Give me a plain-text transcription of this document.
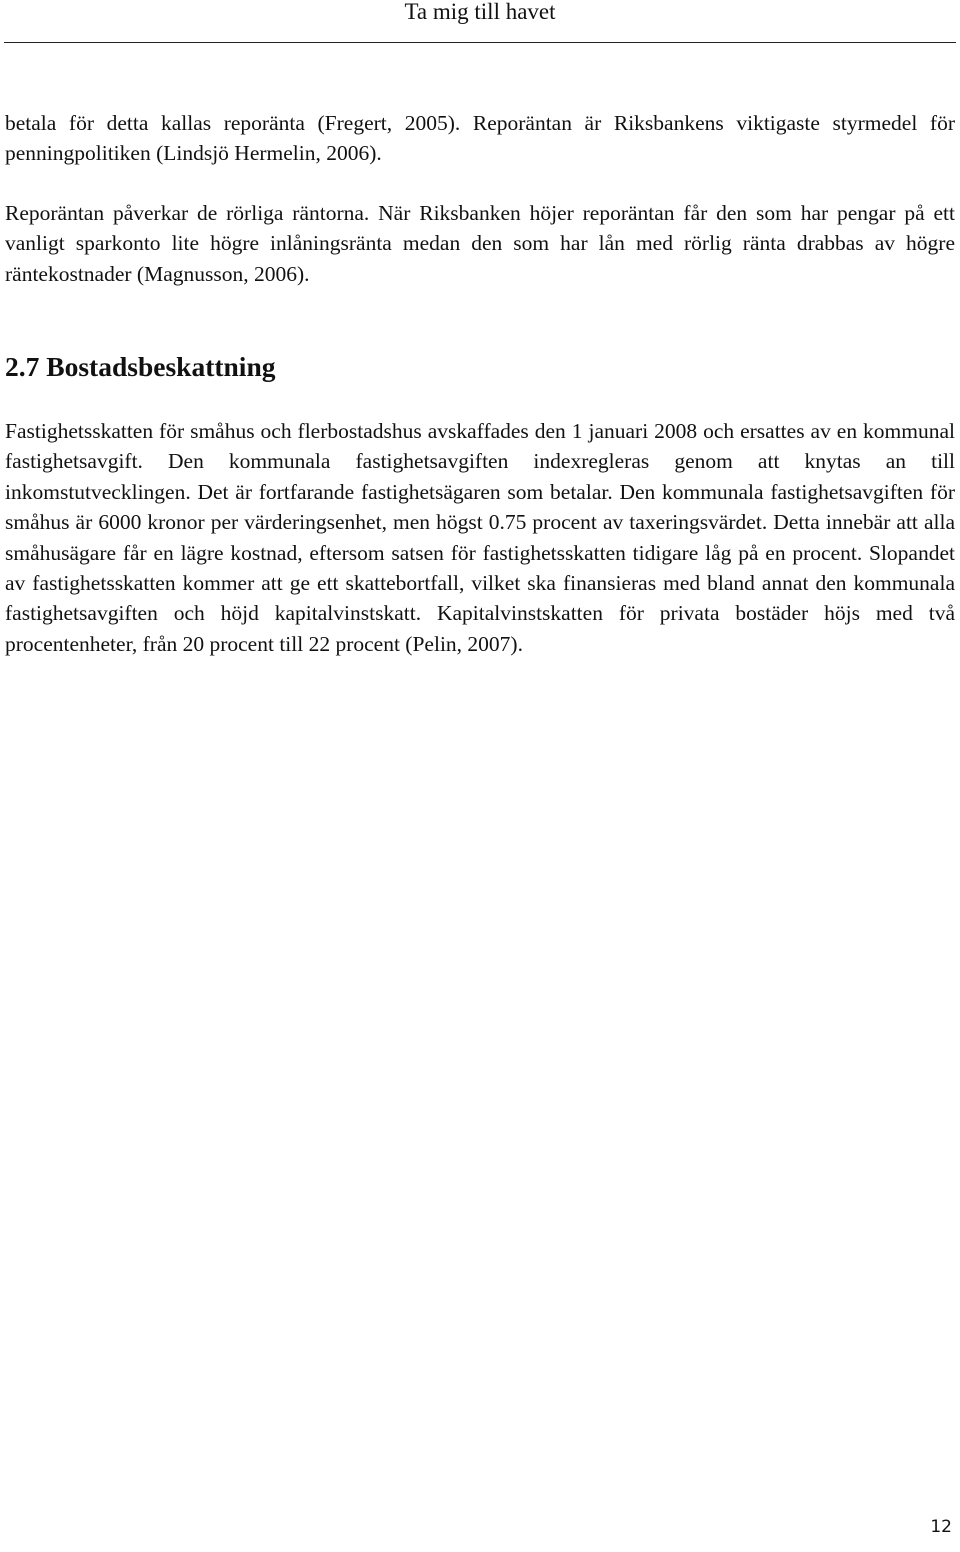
Ta mig till havet

betala för detta kallas reporänta (Fregert, 2005). Reporäntan är Riksbankens viktigaste styrmedel för penningpolitiken (Lindsjö Hermelin, 2006).

Reporäntan påverkar de rörliga räntorna. När Riksbanken höjer reporäntan får den som har pengar på ett vanligt sparkonto lite högre inlåningsränta medan den som har lån med rörlig ränta drabbas av högre räntekostnader (Magnusson, 2006).

2.7 Bostadsbeskattning

Fastighetsskatten för småhus och flerbostadshus avskaffades den 1 januari 2008 och ersattes av en kommunal fastighetsavgift. Den kommunala fastighetsavgiften indexregleras genom att knytas an till inkomstutvecklingen. Det är fortfarande fastighetsägaren som betalar. Den kommunala fastighetsavgiften för småhus är 6000 kronor per värderingsenhet, men högst 0.75 procent av taxeringsvärdet. Detta innebär att alla småhusägare får en lägre kostnad, eftersom satsen för fastighetsskatten tidigare låg på en procent. Slopandet av fastighetsskatten kommer att ge ett skattebortfall, vilket ska finansieras med bland annat den kommunala fastighetsavgiften och höjd kapitalvinstskatt. Kapitalvinstskatten för privata bostäder höjs med två procentenheter, från 20 procent till 22 procent (Pelin, 2007).

12
